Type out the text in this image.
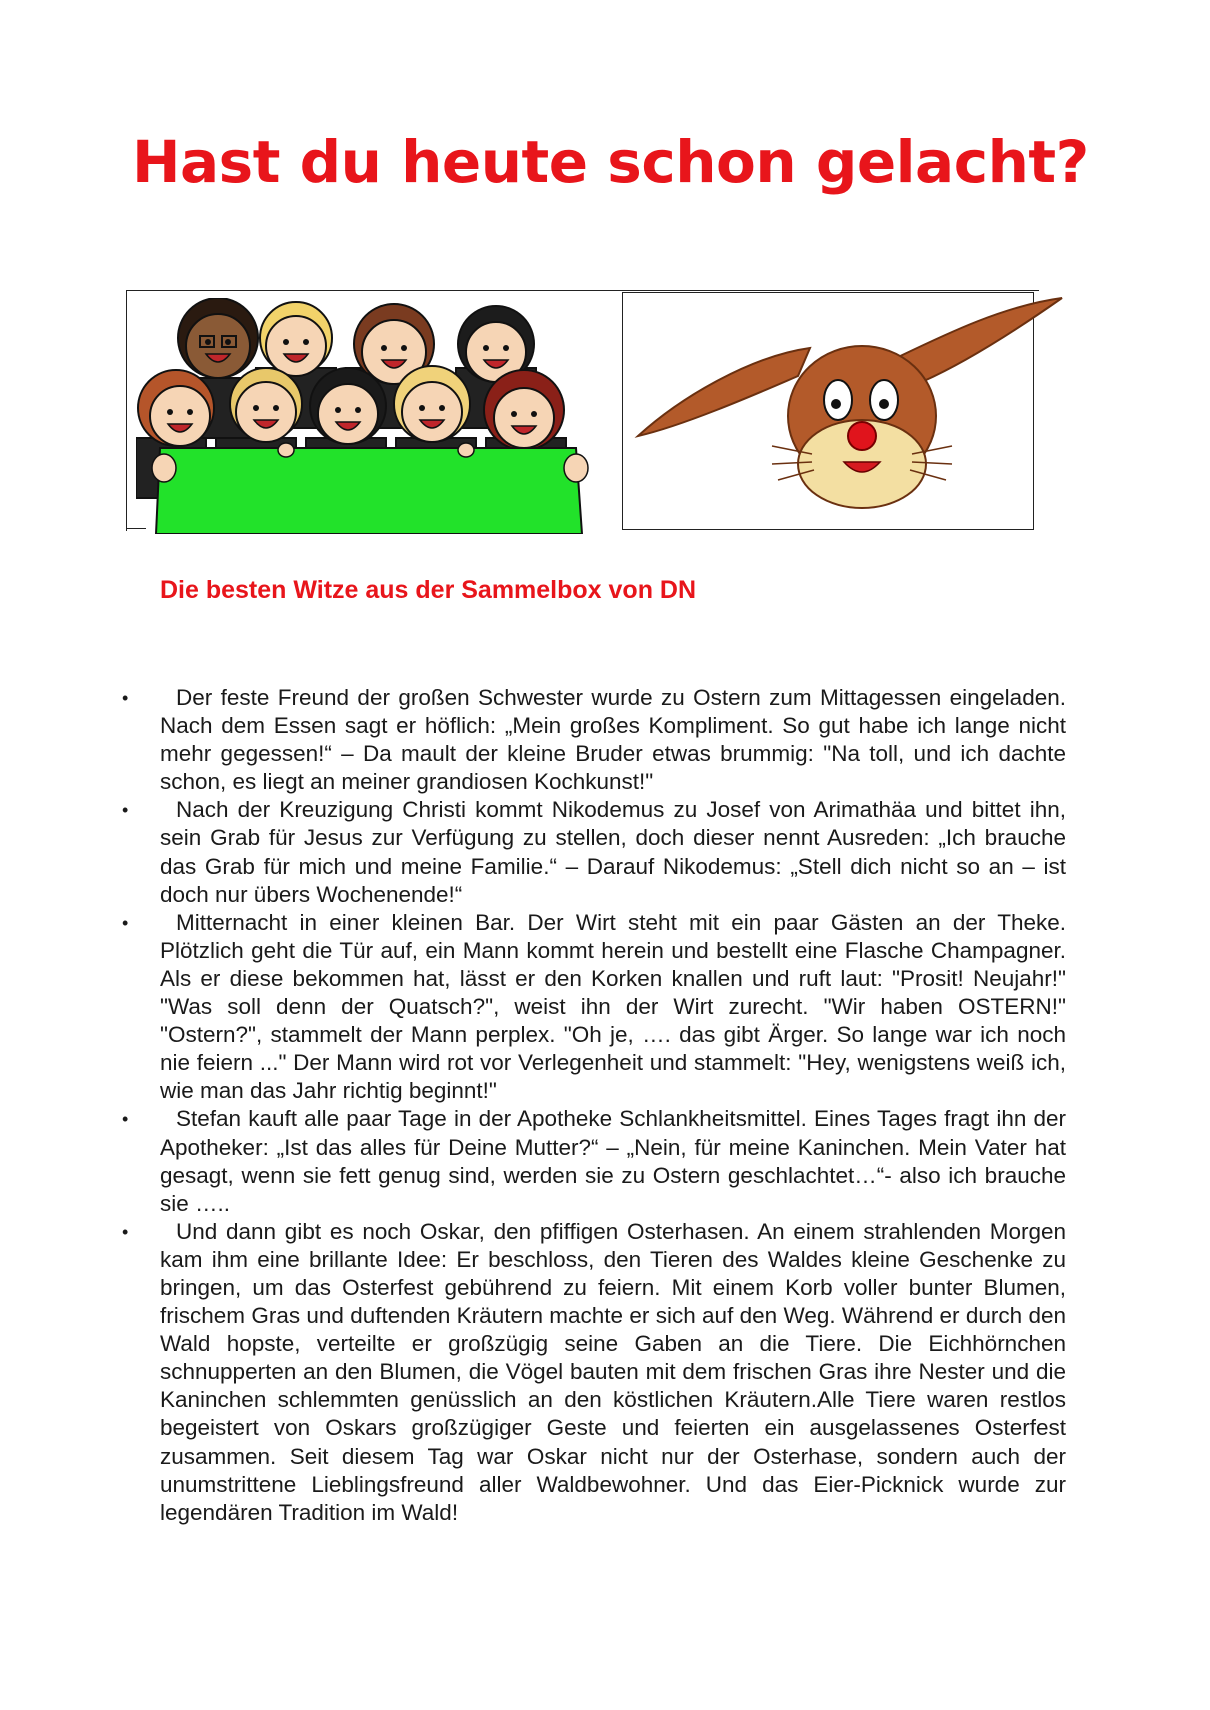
Hast du heute schon gelacht?
Die besten Witze aus der Sammelbox von DN
•	Der feste Freund der großen Schwester wurde zu Ostern zum Mittagessen eingeladen. Nach dem Essen sagt er höflich: „Mein großes Kompliment. So gut habe ich lange nicht mehr gegessen!“ – Da mault der kleine Bruder etwas brummig: "Na toll, und ich dachte schon, es liegt an meiner grandiosen Kochkunst!"
•	Nach der Kreuzigung Christi kommt Nikodemus zu Josef von Arimathäa und bittet ihn, sein Grab für Jesus zur Verfügung zu stellen, doch dieser nennt Ausreden: „Ich brauche das Grab für mich und meine Familie.“ – Darauf Nikodemus: „Stell dich nicht so an – ist doch nur übers Wochenende!“
•	Mitternacht in einer kleinen Bar. Der Wirt steht mit ein paar Gästen an der Theke. Plötzlich geht die Tür auf, ein Mann kommt herein und bestellt eine Flasche Champagner. Als er diese bekommen hat, lässt er den Korken knallen und ruft laut: "Prosit! Neujahr!" "Was soll denn der Quatsch?", weist ihn der Wirt zurecht. "Wir haben OSTERN!" "Ostern?", stammelt der Mann perplex. "Oh je, …. das gibt Ärger. So lange war ich noch nie feiern ..." Der Mann wird rot vor Verlegenheit und stammelt: "Hey, wenigstens weiß ich, wie man das Jahr richtig beginnt!"
•	Stefan kauft alle paar Tage in der Apotheke Schlankheitsmittel. Eines Tages fragt ihn der Apotheker: „Ist das alles für Deine Mutter?“ – „Nein, für meine Kaninchen. Mein Vater hat gesagt, wenn sie fett genug sind, werden sie zu Ostern geschlachtet…“- also ich brauche sie …..
•	Und dann gibt es noch Oskar, den pfiffigen Osterhasen. An einem strahlenden Morgen kam ihm eine brillante Idee: Er beschloss, den Tieren des Waldes kleine Geschenke zu bringen, um das Osterfest gebührend zu feiern. Mit einem Korb voller bunter Blumen, frischem Gras und duftenden Kräutern machte er sich auf den Weg. Während er durch den Wald hopste, verteilte er großzügig seine Gaben an die Tiere. Die Eichhörnchen schnupperten an den Blumen, die Vögel bauten mit dem frischen Gras ihre Nester und die Kaninchen schlemmten genüsslich an den köstlichen Kräutern.Alle Tiere waren restlos begeistert von Oskars großzügiger Geste und feierten ein ausgelassenes Osterfest zusammen. Seit diesem Tag war Oskar nicht nur der Osterhase, sondern auch der unumstrittene Lieblingsfreund aller Waldbewohner. Und das Eier-Picknick wurde zur legendären Tradition im Wald!
